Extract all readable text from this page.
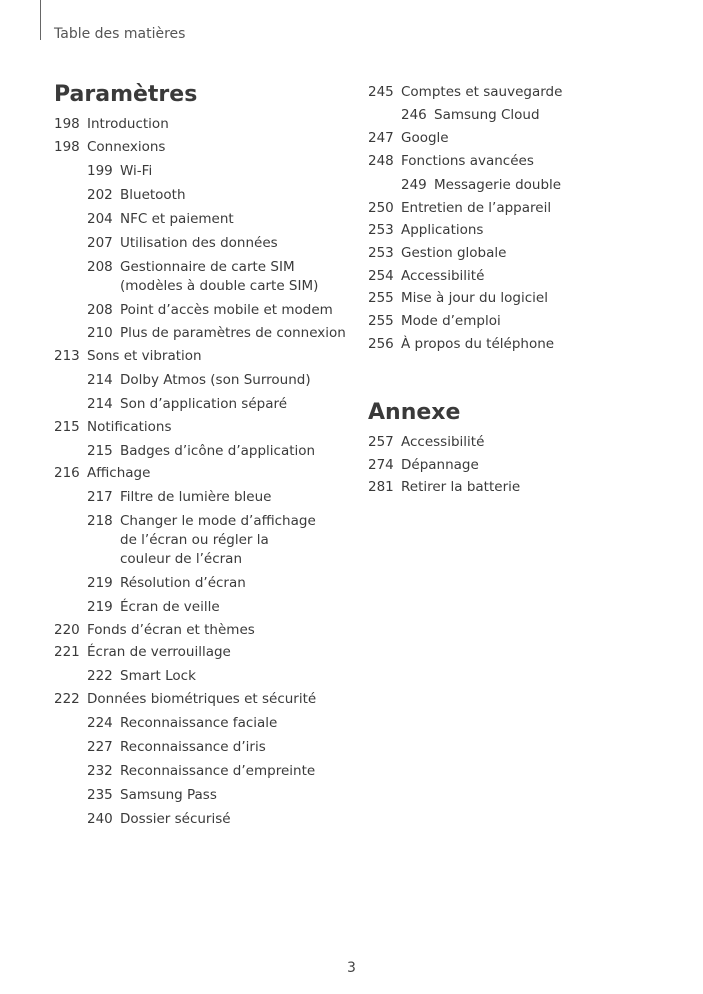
Table des matières
Paramètres
198 Introduction
198 Connexions
199 Wi-Fi
202 Bluetooth
204 NFC et paiement
207 Utilisation des données
208 Gestionnaire de carte SIM (modèles à double carte SIM)
208 Point d’accès mobile et modem
210 Plus de paramètres de connexion
213 Sons et vibration
214 Dolby Atmos (son Surround)
214 Son d’application séparé
215 Notifications
215 Badges d’icône d’application
216 Affichage
217 Filtre de lumière bleue
218 Changer le mode d’affichage de l’écran ou régler la couleur de l’écran
219 Résolution d’écran
219 Écran de veille
220 Fonds d’écran et thèmes
221 Écran de verrouillage
222 Smart Lock
222 Données biométriques et sécurité
224 Reconnaissance faciale
227 Reconnaissance d’iris
232 Reconnaissance d’empreinte
235 Samsung Pass
240 Dossier sécurisé
245 Comptes et sauvegarde
246 Samsung Cloud
247 Google
248 Fonctions avancées
249 Messagerie double
250 Entretien de l’appareil
253 Applications
253 Gestion globale
254 Accessibilité
255 Mise à jour du logiciel
255 Mode d’emploi
256 À propos du téléphone
Annexe
257 Accessibilité
274 Dépannage
281 Retirer la batterie
3
